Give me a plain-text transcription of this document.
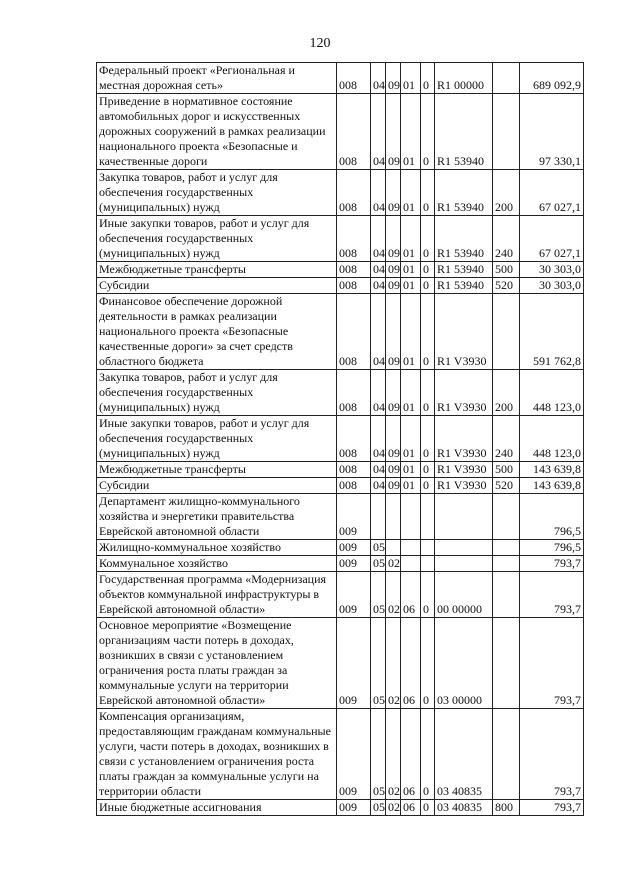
120
Федеральный проект «Региональная и местная дорожная сеть»	008	04	09	01	0	R1 00000		689 092,9
Приведение в нормативное состояние автомобильных дорог и искусственных дорожных сооружений в рамках реализации национального проекта «Безопасные и качественные дороги	008	04	09	01	0	R1 53940		97 330,1
Закупка товаров, работ и услуг для обеспечения государственных (муниципальных) нужд	008	04	09	01	0	R1 53940	200	67 027,1
Иные закупки товаров, работ и услуг для обеспечения государственных (муниципальных) нужд	008	04	09	01	0	R1 53940	240	67 027,1
Межбюджетные трансферты	008	04	09	01	0	R1 53940	500	30 303,0
Субсидии	008	04	09	01	0	R1 53940	520	30 303,0
Финансовое обеспечение дорожной деятельности в рамках реализации национального проекта «Безопасные качественные дороги» за счет средств областного бюджета	008	04	09	01	0	R1 V3930		591 762,8
Закупка товаров, работ и услуг для обеспечения государственных (муниципальных) нужд	008	04	09	01	0	R1 V3930	200	448 123,0
Иные закупки товаров, работ и услуг для обеспечения государственных (муниципальных) нужд	008	04	09	01	0	R1 V3930	240	448 123,0
Межбюджетные трансферты	008	04	09	01	0	R1 V3930	500	143 639,8
Субсидии	008	04	09	01	0	R1 V3930	520	143 639,8
Департамент жилищно-коммунального хозяйства и энергетики правительства Еврейской автономной области	009							796,5
Жилищно-коммунальное хозяйство	009	05						796,5
Коммунальное хозяйство	009	05	02					793,7
Государственная программа «Модернизация объектов коммунальной инфраструктуры в Еврейской автономной области»	009	05	02	06	0	00 00000		793,7
Основное мероприятие «Возмещение организациям части потерь в доходах, возникших в связи с установлением ограничения роста платы граждан за коммунальные услуги на территории Еврейской автономной области»	009	05	02	06	0	03 00000		793,7
Компенсация организациям, предоставляющим гражданам коммунальные услуги, части потерь в доходах, возникших в связи с установлением ограничения роста платы граждан за коммунальные услуги на территории области	009	05	02	06	0	03 40835		793,7
Иные бюджетные ассигнования	009	05	02	06	0	03 40835	800	793,7
